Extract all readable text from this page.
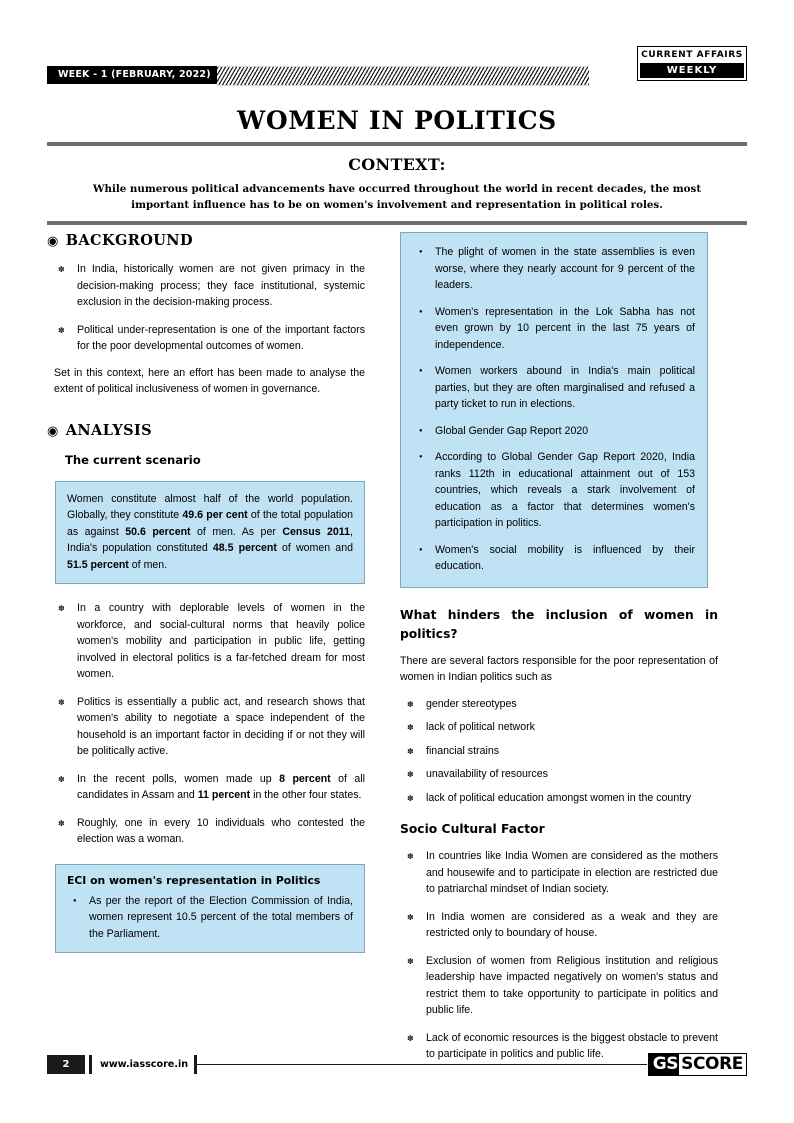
WEEK - 1 (FEBRUARY, 2022)
CURRENT AFFAIRS
WEEKLY
WOMEN IN POLITICS
CONTEXT:
While numerous political advancements have occurred throughout the world in recent decades, the most important influence has to be on women's involvement and representation in political roles.
◉ BACKGROUND
✽ In India, historically women are not given primacy in the decision-making process; they face institutional, systemic exclusion in the decision-making process.
✽ Political under-representation is one of the important factors for the poor developmental outcomes of women.

Set in this context, here an effort has been made to analyse the extent of political inclusiveness of women in governance.

◉ ANALYSIS
The current scenario

Women constitute almost half of the world population. Globally, they constitute 49.6 per cent of the total population as against 50.6 percent of men. As per Census 2011, India's population constituted 48.5 percent of women and 51.5 percent of men.

✽ In a country with deplorable levels of women in the workforce, and social-cultural norms that heavily police women's mobility and participation in public life, getting involved in electoral politics is a far-fetched dream for most women.
✽ Politics is essentially a public act, and research shows that women's ability to negotiate a space independent of the household is an important factor in deciding if or not they will be politically active.
✽ In the recent polls, women made up 8 percent of all candidates in Assam and 11 percent in the other four states.
✽ Roughly, one in every 10 individuals who contested the election was a woman.
ECI on women's representation in Politics
● As per the report of the Election Commission of India, women represent 10.5 percent of the total members of the Parliament.
● The plight of women in the state assemblies is even worse, where they nearly account for 9 percent of the leaders.
● Women's representation in the Lok Sabha has not even grown by 10 percent in the last 75 years of independence.
● Women workers abound in India's main political parties, but they are often marginalised and refused a party ticket to run in elections.
● Global Gender Gap Report 2020
● According to Global Gender Gap Report 2020, India ranks 112th in educational attainment out of 153 countries, which reveals a stark involvement of education as a factor that determines women's participation in politics.
● Women's social mobility is influenced by their education.
What hinders the inclusion of women in politics?

There are several factors responsible for the poor representation of women in Indian politics such as

✽ gender stereotypes
✽ lack of political network
✽ financial strains
✽ unavailability of resources
✽ lack of political education amongst women in the country
Socio Cultural Factor
✽ In countries like India Women are considered as the mothers and housewife and to participate in election are restricted due to patriarchal mindset of Indian society.
✽ In India women are considered as a weak and they are restricted only to boundary of house.
✽ Exclusion of women from Religious institution and religious leadership have impacted negatively on women's status and restrict them to take opportunity to participate in politics and public life.
✽ Lack of economic resources is the biggest obstacle to prevent to participate in politics and public life.
2	www.iasscore.in	GS SCORE
